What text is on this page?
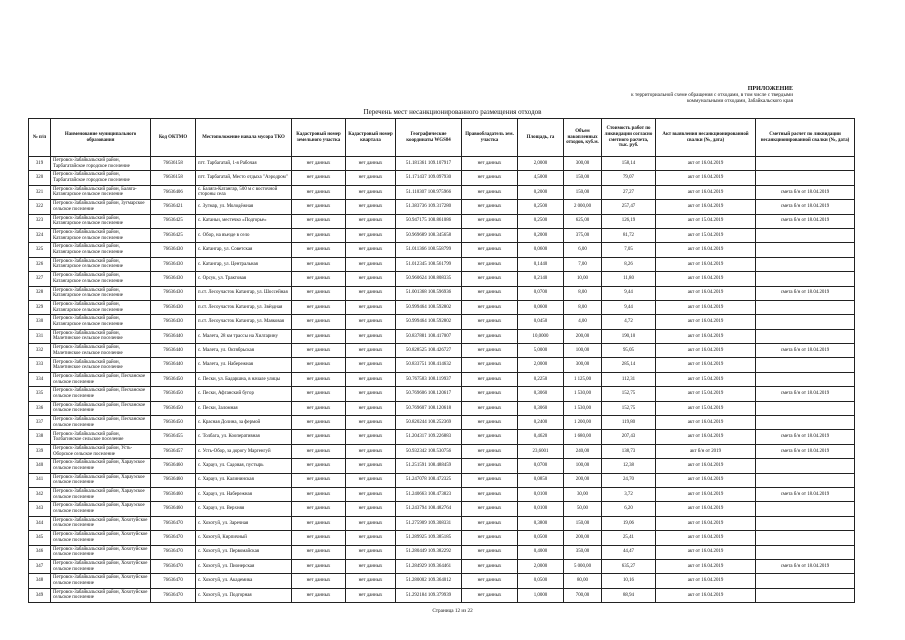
ПРИЛОЖЕНИЕ
к территориальной схеме обращения с отходами, в том числе с твердыми
коммунальными отходами, Забайкальского края
Перечень мест несанкционированного размещения отходов
№ п/п	Наименование муниципального образования	Код ОКТМО	Местоположение навала мусора ТКО	Кадастровый номер земельного участка	Кадастровый номер квартала	Географические координаты WGS84	Правообладатель зем. участка	Площадь, га	Объем накопленных отходов, куб.м.	Стоимость работ по ликвидации согласно сметного расчета, тыс. руб.	Акт выявления несанкционированной свалки (№, дата)	Сметный расчет по ликвидации несанкционированной свалки (№, дата)
319	Петровск-Забайкальский район, Тарбагатайское городское поселение	76636158	пгт. Тарбагатай, 1-я Рабочая	нет данных	нет данных	51.181361 109.107917	нет данных	2,0000	300,00	158,14	акт от 16.04.2019	
320	Петровск-Забайкальский район, Тарбагатайское городское поселение	76636158	пгт. Тарбагатай, Место отдыха "Аэродром"	нет данных	нет данных	51.171437 109.097930	нет данных	4,5000	150,00	79,07	акт от 16.04.2019	
321	Петровск-Забайкальский район, Баляга-Катангарское сельское поселение	76636406	с. Баляга-Катангар, 500 м с восточной стороны села	нет данных	нет данных	51.110307 108.975966	нет данных	0,2000	150,00	27,27	акт от 16.04.2019	смета б/н от 18.04.2019
322	Петровск-Забайкальский район, Зугмарское сельское поселение	76636421	с. Зугмар, ул. Молодёжная	нет данных	нет данных	51.383736 109.317280	нет данных	0,2500	2 000,00	257,47	акт от 16.04.2019	смета б/н от 18.04.2019
323	Петровск-Забайкальский район, Катангарское сельское поселение	76636425	с. Катаньи, местечко «Подгорье»	нет данных	нет данных	50.947175 108.861086	нет данных	0,2500	625,00	126,19	акт от 15.04.2019	смета б/н от 18.04.2019
324	Петровск-Забайкальский район, Катангарское сельское поселение	76636425	с. Обор, на въезде в село	нет данных	нет данных	50.969689 108.345658	нет данных	0,2000	375,00	81,72	акт от 15.04.2019	
325	Петровск-Забайкальский район, Катангарское сельское поселение	76636430	с. Катангар, ул. Советская	нет данных	нет данных	51.011366 108.558799	нет данных	0,0600	6,00	7,05	акт от 16.04.2019	
326	Петровск-Забайкальский район, Катангарское сельское поселение	76636430	с. Катангар, ул. Центральная	нет данных	нет данных	51.012345 108.561799	нет данных	0,1440	7,00	8,26	акт от 16.04.2019	
327	Петровск-Забайкальский район, Катангарское сельское поселение	76636430	с. Орсук, ул. Трактовая	нет данных	нет данных	50.960624 108.808335	нет данных	0,2140	10,00	11,80	акт от 16.04.2019	
328	Петровск-Забайкальский район, Катангарское сельское поселение	76636430	п.ст. Лесоучасток Катангар, ул. Шоссейная	нет данных	нет данных	51.001368 108.596936	нет данных	0,0700	8,00	9,44	акт от 16.04.2019	смета б/н от 18.04.2019
329	Петровск-Забайкальский район, Катангарское сельское поселение	76636430	п.ст. Лесоучасток Катангар, ул. Звёздная	нет данных	нет данных	50.999464 108.592802	нет данных	0,0600	8,00	9,44	акт от 16.04.2019	
330	Петровск-Забайкальский район, Катангарское сельское поселение	76636430	п.ст. Лесоучасток Катангар, ул. Маяковая	нет данных	нет данных	50.999464 108.592802	нет данных	0,0450	4,00	4,72	акт от 16.04.2019	
331	Петровск-Забайкальский район, Малетинское сельское поселение	76636440	с. Малета, 28 км трассы на Хилгарину	нет данных	нет данных	50.837881 108.417007	нет данных	10,0000	200,00	190,10	акт от 16.04.2019	
332	Петровск-Забайкальский район, Малетинское сельское поселение	76636440	с. Малета, ул. Октябрьская	нет данных	нет данных	50.828525 108.426727	нет данных	5,0000	100,00	95,05	акт от 16.04.2019	смета б/н от 18.04.2019
333	Петровск-Забайкальский район, Малетинское сельское поселение	76636440	с. Малета, ул. Набережная	нет данных	нет данных	50.833751 108.414632	нет данных	2,0000	300,00	285,14	акт от 16.04.2019	
334	Петровск-Забайкальский район, Песчанское сельское поселение	76636450	с. Пески, ул. Бадаршна, в начале улицы	нет данных	нет данных	50.767583 108.119937	нет данных	0,2250	1 125,00	112,31	акт от 15.04.2019	
335	Петровск-Забайкальский район, Песчанское сельское поселение	76636450	с. Пески, Афганский бугор	нет данных	нет данных	50.769606 108.120617	нет данных	0,3060	1 530,00	152,75	акт от 15.04.2019	смета б/н от 18.04.2019
336	Петровск-Забайкальский район, Песчанское сельское поселение	76636450	с. Пески, Заломная	нет данных	нет данных	50.769607 108.120618	нет данных	0,3060	1 530,00	152,75	акт от 15.04.2019	
337	Петровск-Забайкальский район, Песчанское сельское поселение	76636450	с. Красная Долина, за фермой	нет данных	нет данных	50.820244 108.252369	нет данных	0,2400	1 200,00	119,80	акт от 16.04.2019	
338	Петровск-Забайкальский район, Толбагинское сельское поселение	76636455	с. Толбага, ул. Кооперативная	нет данных	нет данных	51.204317 109.226883	нет данных	0,4620	1 680,00	207,43	акт от 16.04.2019	смета б/н от 18.04.2019
339	Петровск-Забайкальский район, Усть-Оборское сельское поселение	76636457	с. Усть-Обор, за дорогу Маргенгуй	нет данных	нет данных	50.932342 108.530756	нет данных	23,6001	240,00	138,73	акт б/н от 2019	смета б/н от 18.04.2019
340	Петровск-Забайкальский район, Харауэское сельское поселение	76636460	с. Харауз, ул. Садовая, пустырь	нет данных	нет данных	51.251591 108.488459	нет данных	0,0700	100,00	12,38	акт от 16.04.2019	
341	Петровск-Забайкальский район, Харауэское сельское поселение	76636460	с. Харауз, ул. Калининская	нет данных	нет данных	51.247078 108.472325	нет данных	0,0850	200,00	24,70	акт от 16.04.2019	
342	Петровск-Забайкальский район, Харауэское сельское поселение	76636460	с. Харауз, ул. Набережная	нет данных	нет данных	51.240663 108.473823	нет данных	0,0100	30,00	3,72	акт от 16.04.2019	смета б/н от 18.04.2019
343	Петровск-Забайкальский район, Харауэское сельское поселение	76636460	с. Харауз, ул. Верхняя	нет данных	нет данных	51.243794 108.482764	нет данных	0,0100	50,00	6,20	акт от 16.04.2019	
344	Петровск-Забайкальский район, Хохотуйское сельское поселение	76636470	с. Хохотуй, ул. Заречная	нет данных	нет данных	51.275909 109.308331	нет данных	0,3800	150,00	19,06	акт от 16.04.2019	
345	Петровск-Забайкальский район, Хохотуйское сельское поселение	76636470	с. Хохотуй, Кирпичный	нет данных	нет данных	51.289925 109.385185	нет данных	0,0500	200,00	25,41	акт от 16.04.2019	
346	Петровск-Забайкальский район, Хохотуйское сельское поселение	76636470	с. Хохотуй, ул. Первомайская	нет данных	нет данных	51.280449 109.382292	нет данных	0,4000	350,00	44,47	акт от 16.04.2019	
347	Петровск-Забайкальский район, Хохотуйское сельское поселение	76636470	с. Хохотуй, ул. Пионерская	нет данных	нет данных	51.284929 109.364461	нет данных	2,0000	5 000,00	635,27	акт от 16.04.2019	смета б/н от 18.04.2019
348	Петровск-Забайкальский район, Хохотуйское сельское поселение	76636470	с. Хохотуй, ул. Академика	нет данных	нет данных	51.280002 109.364012	нет данных	0,0500	80,00	10,16	акт от 16.04.2019	
349	Петровск-Забайкальский район, Хохотуйское сельское поселение	76636470	с. Хохотуй, ул. Подгорная	нет данных	нет данных	51.292184 109.379939	нет данных	1,0000	700,00	88,94	акт от 16.04.2019	
Страница 12 из 22
